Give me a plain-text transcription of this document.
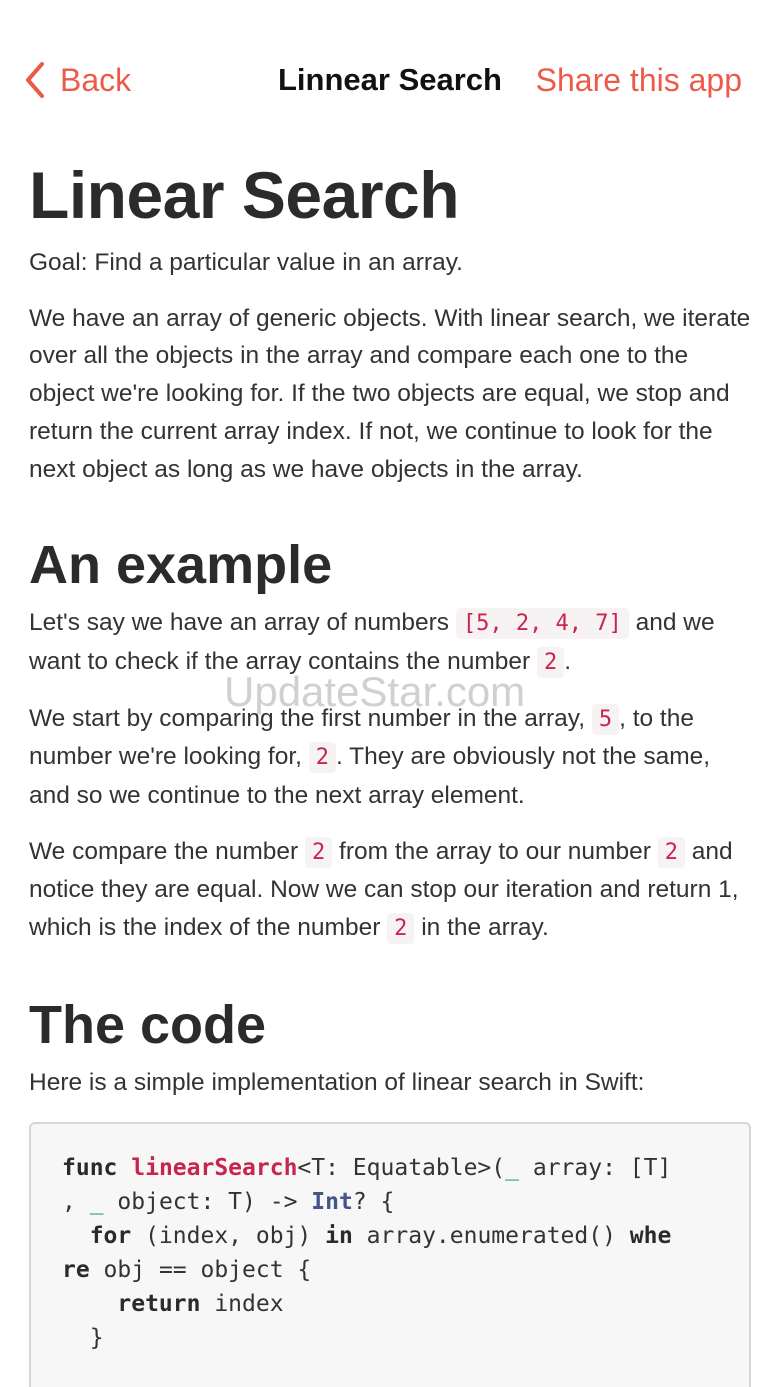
Back	Linnear Search Share this app
Linear Search

Goal: Find a particular value in an array.

We have an array of generic objects. With linear search, we iterate over all the objects in the array and compare each one to the object we're looking for. If the two objects are equal, we stop and return the current array index. If not, we continue to look for the next object as long as we have objects in the array.

An example

Let's say we have an array of numbers [5, 2, 4, 7] and we want to check if the array contains the number 2 .

We start by comparing the first number in the array, 5 , to the number we're looking for, 2 . They are obviously not the same, and so we continue to the next array element.

We compare the number 2 from the array to our number 2 and notice they are equal. Now we can stop our iteration and return 1, which is the index of the number 2 in the array.

The code

Here is a simple implementation of linear search in Swift:

func linearSearch<T: Equatable>(_ array: [T]
, _ object: T) -> Int? {
for (index, obj) in array.enumerated() whe
re obj == object {
return index
}
UpdateStar.com
